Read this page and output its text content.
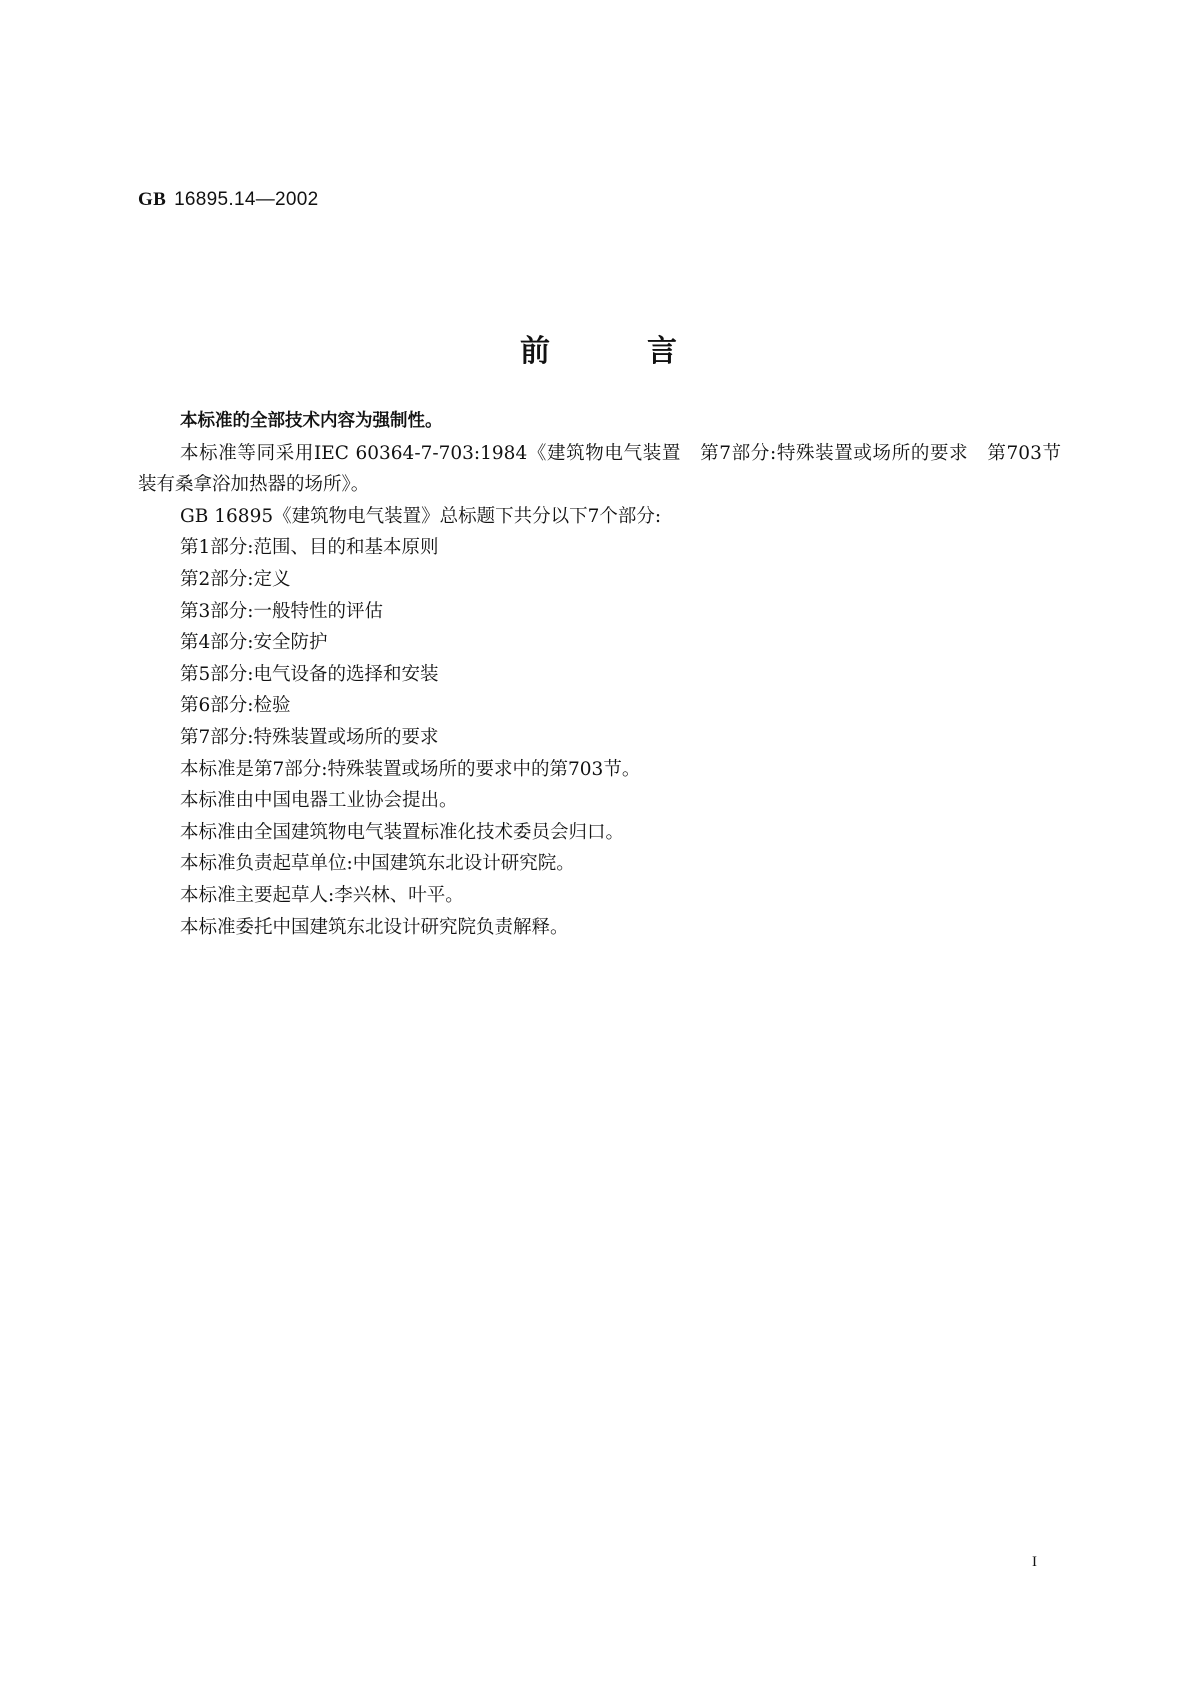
GB 16895.14—2002
前言

本标准的全部技术内容为强制性。

本标准等同采用IEC 60364-7-703:1984《建筑物电气装置　第7部分:特殊装置或场所的要求　第703节　装有桑拿浴加热器的场所》。

GB 16895《建筑物电气装置》总标题下共分以下7个部分:

第1部分:范围、目的和基本原则

第2部分:定义

第3部分:一般特性的评估

第4部分:安全防护

第5部分:电气设备的选择和安装

第6部分:检验

第7部分:特殊装置或场所的要求

本标准是第7部分:特殊装置或场所的要求中的第703节。

本标准由中国电器工业协会提出。

本标准由全国建筑物电气装置标准化技术委员会归口。

本标准负责起草单位:中国建筑东北设计研究院。

本标准主要起草人:李兴林、叶平。

本标准委托中国建筑东北设计研究院负责解释。

I
